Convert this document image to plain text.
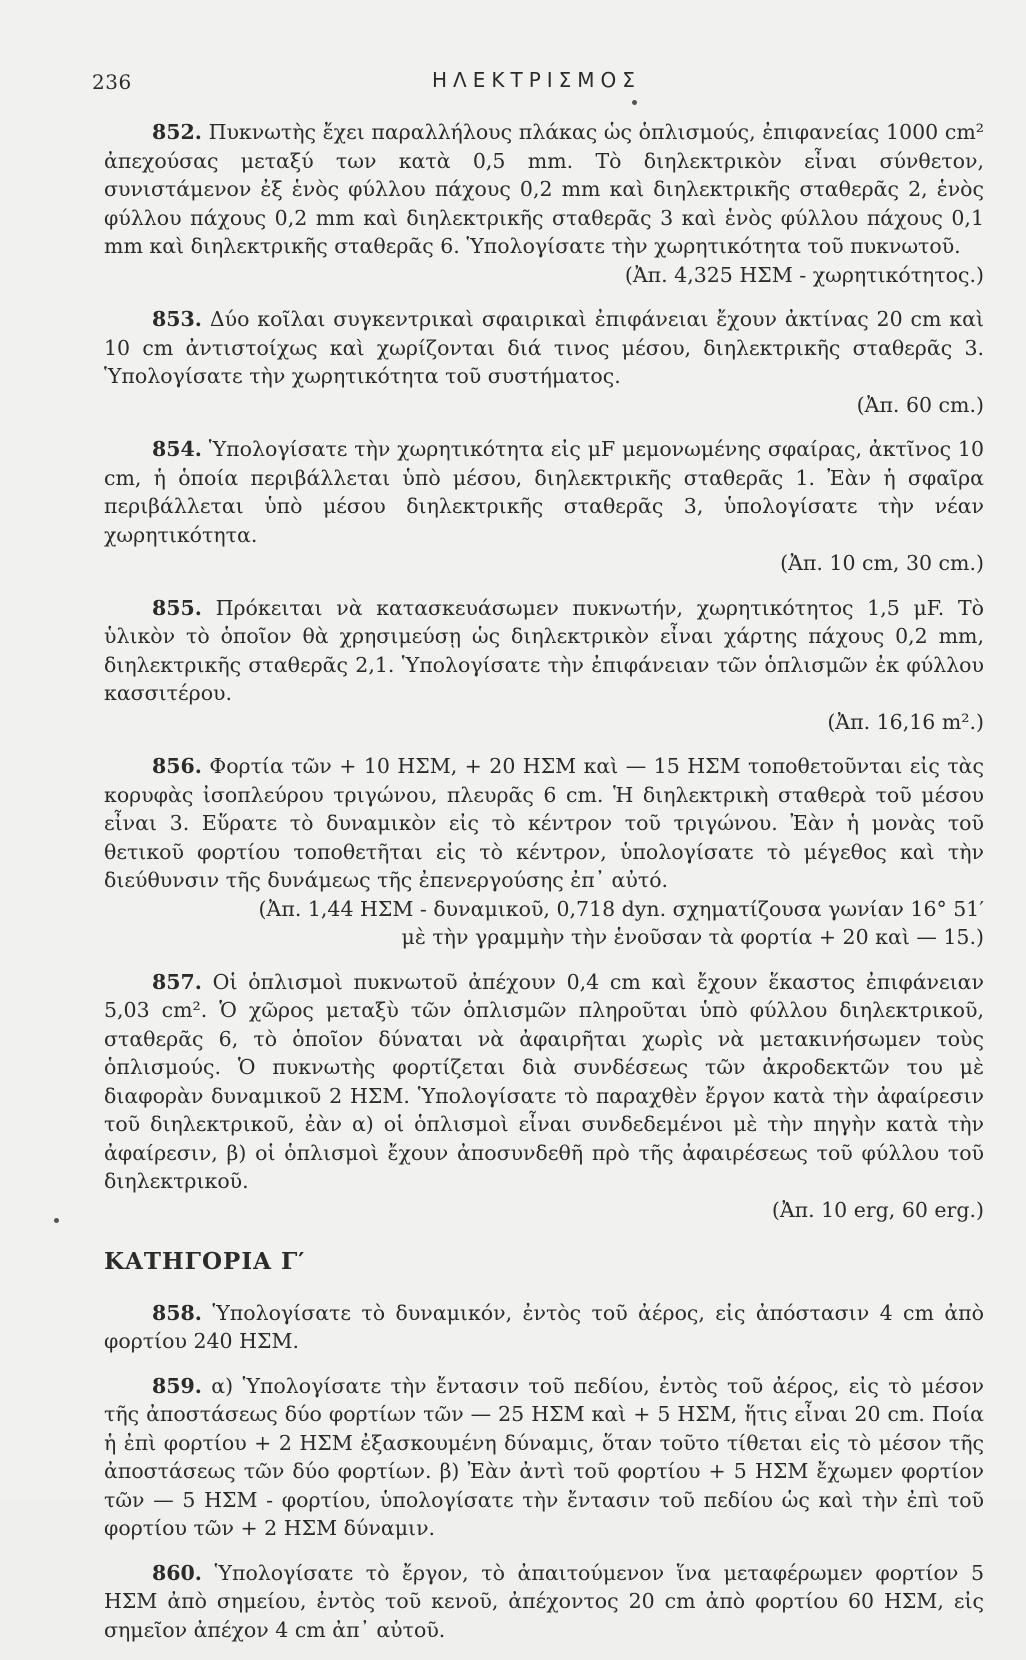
236	ΗΛΕΚΤΡΙΣΜΟΣ

852. Πυκνωτὴς ἔχει παραλλήλους πλάκας ὡς ὁπλισμούς, ἐπιφανείας 1000 cm² ἀπεχούσας μεταξύ των κατὰ 0,5 mm. Τὸ διηλεκτρικὸν εἶναι σύνθετον, συνιστάμενον ἐξ ἑνὸς φύλλου πάχους 0,2 mm καὶ διηλεκτρικῆς σταθερᾶς 2, ἑνὸς φύλλου πάχους 0,2 mm καὶ διηλεκτρικῆς σταθερᾶς 3 καὶ ἑνὸς φύλλου πάχους 0,1 mm καὶ διηλεκτρικῆς σταθερᾶς 6. Ὑπολογίσατε τὴν χωρητικότητα τοῦ πυκνωτοῦ.

(Ἀπ. 4,325 ΗΣΜ - χωρητικότητος.)

853. Δύο κοῖλαι συγκεντρικαὶ σφαιρικαὶ ἐπιφάνειαι ἔχουν ἀκτίνας 20 cm καὶ 10 cm ἀντιστοίχως καὶ χωρίζονται διά τινος μέσου, διηλεκτρικῆς σταθερᾶς 3. Ὑπολογίσατε τὴν χωρητικότητα τοῦ συστήματος.

(Ἀπ. 60 cm.)

854. Ὑπολογίσατε τὴν χωρητικότητα εἰς μF μεμονωμένης σφαίρας, ἀκτῖνος 10 cm, ἡ ὁποία περιβάλλεται ὑπὸ μέσου, διηλεκτρικῆς σταθερᾶς 1. Ἐὰν ἡ σφαῖρα περιβάλλεται ὑπὸ μέσου διηλεκτρικῆς σταθερᾶς 3, ὑπολογίσατε τὴν νέαν χωρητικότητα.

(Ἀπ. 10 cm, 30 cm.)

855. Πρόκειται νὰ κατασκευάσωμεν πυκνωτήν, χωρητικότητος 1,5 μF. Τὸ ὑλικὸν τὸ ὁποῖον θὰ χρησιμεύσῃ ὡς διηλεκτρικὸν εἶναι χάρτης πάχους 0,2 mm, διηλεκτρικῆς σταθερᾶς 2,1. Ὑπολογίσατε τὴν ἐπιφάνειαν τῶν ὁπλισμῶν ἐκ φύλλου κασσιτέρου.

(Ἀπ. 16,16 m².)

856. Φορτία τῶν + 10 ΗΣΜ, + 20 ΗΣΜ καὶ — 15 ΗΣΜ τοποθετοῦνται εἰς τὰς κορυφὰς ἰσοπλεύρου τριγώνου, πλευρᾶς 6 cm. Ἡ διηλεκτρικὴ σταθερὰ τοῦ μέσου εἶναι 3. Εὕρατε τὸ δυναμικὸν εἰς τὸ κέντρον τοῦ τριγώνου. Ἐὰν ἡ μονὰς τοῦ θετικοῦ φορτίου τοποθετῆται εἰς τὸ κέντρον, ὑπολογίσατε τὸ μέγεθος καὶ τὴν διεύθυνσιν τῆς δυνάμεως τῆς ἐπενεργούσης ἐπ᾽ αὐτό.

(Ἀπ. 1,44 ΗΣΜ - δυναμικοῦ, 0,718 dyn. σχηματίζουσα γωνίαν 16° 51′

μὲ τὴν γραμμὴν τὴν ἑνοῦσαν τὰ φορτία + 20 καὶ — 15.)

857. Οἱ ὁπλισμοὶ πυκνωτοῦ ἀπέχουν 0,4 cm καὶ ἔχουν ἕκαστος ἐπιφάνειαν 5,03 cm². Ὁ χῶρος μεταξὺ τῶν ὁπλισμῶν πληροῦται ὑπὸ φύλλου διηλεκτρικοῦ, σταθερᾶς 6, τὸ ὁποῖον δύναται νὰ ἀφαιρῆται χωρὶς νὰ μετακινήσωμεν τοὺς ὁπλισμούς. Ὁ πυκνωτὴς φορτίζεται διὰ συνδέσεως τῶν ἀκροδεκτῶν του μὲ διαφορὰν δυναμικοῦ 2 ΗΣΜ. Ὑπολογίσατε τὸ παραχθὲν ἔργον κατὰ τὴν ἀφαίρεσιν τοῦ διηλεκτρικοῦ, ἐὰν α) οἱ ὁπλισμοὶ εἶναι συνδεδεμένοι μὲ τὴν πηγὴν κατὰ τὴν ἀφαίρεσιν, β) οἱ ὁπλισμοὶ ἔχουν ἀποσυνδεθῆ πρὸ τῆς ἀφαιρέσεως τοῦ φύλλου τοῦ διηλεκτρικοῦ.

(Ἀπ. 10 erg, 60 erg.)

ΚΑΤΗΓΟΡΙΑ Γ′

858. Ὑπολογίσατε τὸ δυναμικόν, ἐντὸς τοῦ ἀέρος, εἰς ἀπόστασιν 4 cm ἀπὸ φορτίου 240 ΗΣΜ.

859. α) Ὑπολογίσατε τὴν ἔντασιν τοῦ πεδίου, ἐντὸς τοῦ ἀέρος, εἰς τὸ μέσον τῆς ἀποστάσεως δύο φορτίων τῶν — 25 ΗΣΜ καὶ + 5 ΗΣΜ, ἥτις εἶναι 20 cm. Ποία ἡ ἐπὶ φορτίου + 2 ΗΣΜ ἐξασκουμένη δύναμις, ὅταν τοῦτο τίθεται εἰς τὸ μέσον τῆς ἀποστάσεως τῶν δύο φορτίων. β) Ἐὰν ἀντὶ τοῦ φορτίου + 5 ΗΣΜ ἔχωμεν φορτίον τῶν — 5 ΗΣΜ - φορτίου, ὑπολογίσατε τὴν ἔντασιν τοῦ πεδίου ὡς καὶ τὴν ἐπὶ τοῦ φορτίου τῶν + 2 ΗΣΜ δύναμιν.

860. Ὑπολογίσατε τὸ ἔργον, τὸ ἀπαιτούμενον ἵνα μεταφέρωμεν φορτίον 5 ΗΣΜ ἀπὸ σημείου, ἐντὸς τοῦ κενοῦ, ἀπέχοντος 20 cm ἀπὸ φορτίου 60 ΗΣΜ, εἰς σημεῖον ἀπέχον 4 cm ἀπ᾽ αὐτοῦ.
